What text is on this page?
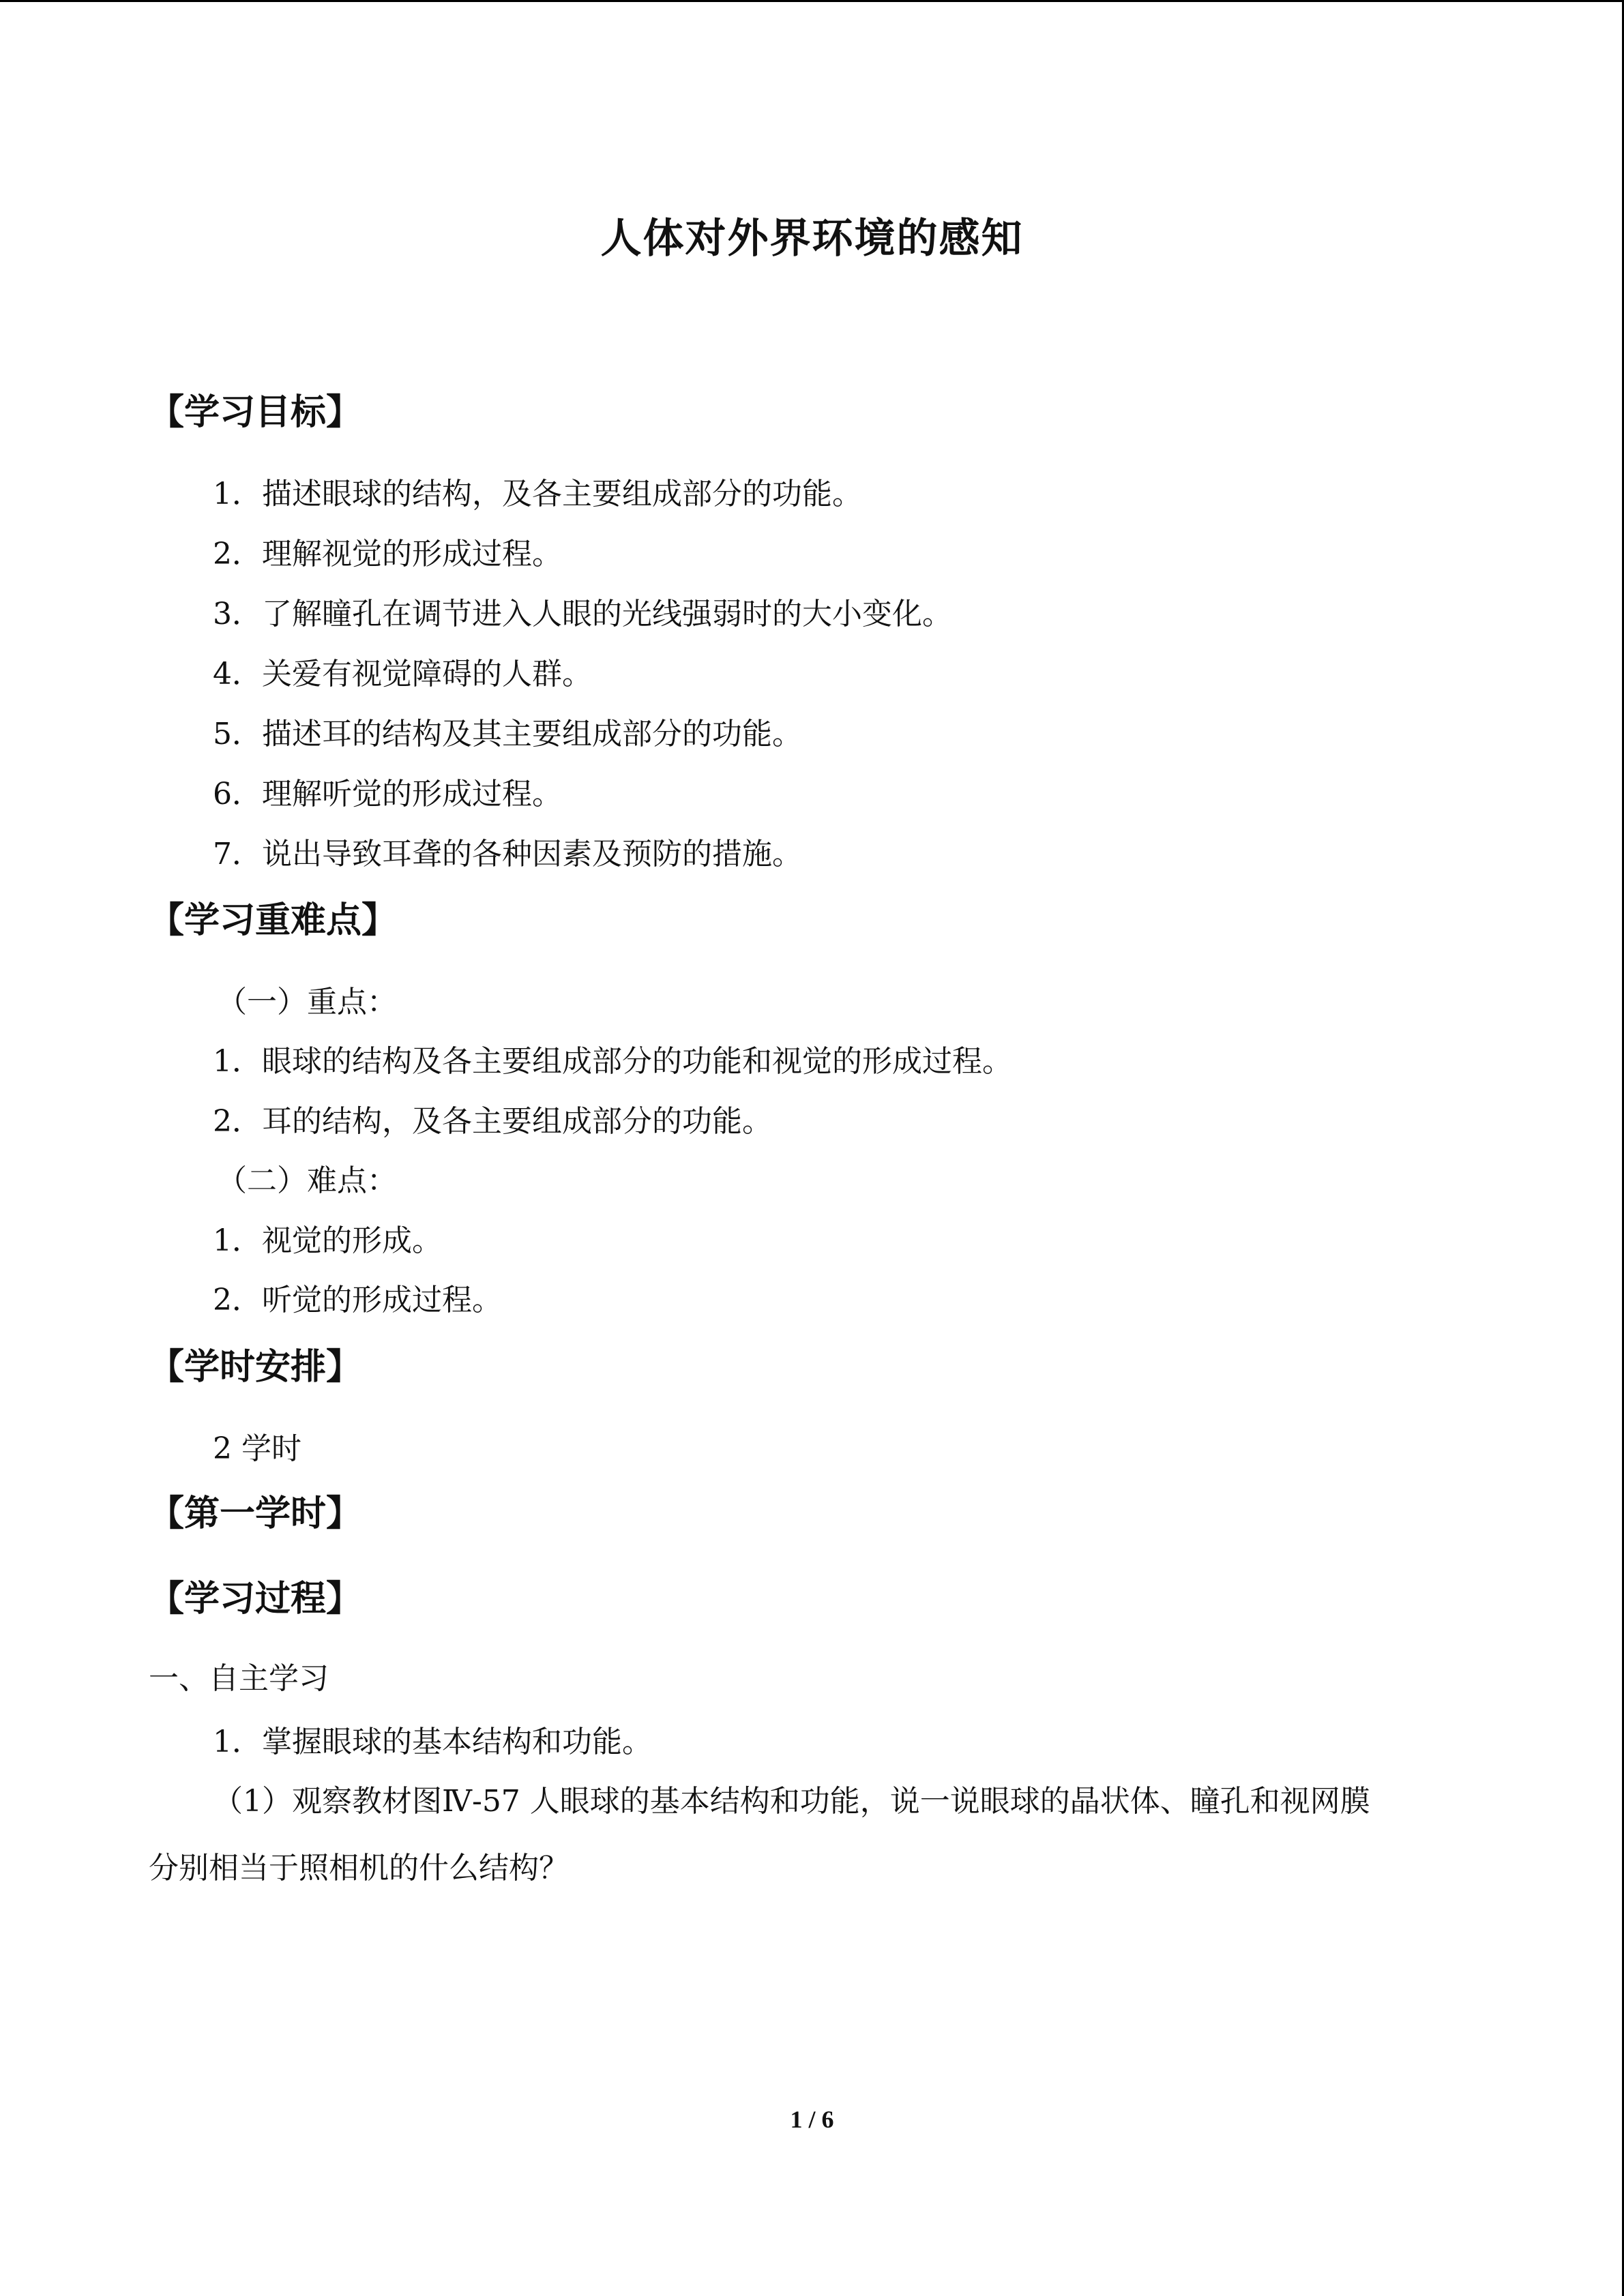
人体对外界环境的感知
【学习目标】

1．描述眼球的结构，及各主要组成部分的功能。

2．理解视觉的形成过程。

3．了解瞳孔在调节进入人眼的光线强弱时的大小变化。

4．关爱有视觉障碍的人群。

5．描述耳的结构及其主要组成部分的功能。

6．理解听觉的形成过程。

7．说出导致耳聋的各种因素及预防的措施。

【学习重难点】

（一）重点：

1．眼球的结构及各主要组成部分的功能和视觉的形成过程。

2．耳的结构，及各主要组成部分的功能。

（二）难点：

1．视觉的形成。

2．听觉的形成过程。

【学时安排】

2 学时

【第一学时】
【学习过程】

一、自主学习

1．掌握眼球的基本结构和功能。

（1）观察教材图Ⅳ-57 人眼球的基本结构和功能，说一说眼球的晶状体、瞳孔和视网膜

分别相当于照相机的什么结构？

1 / 6
